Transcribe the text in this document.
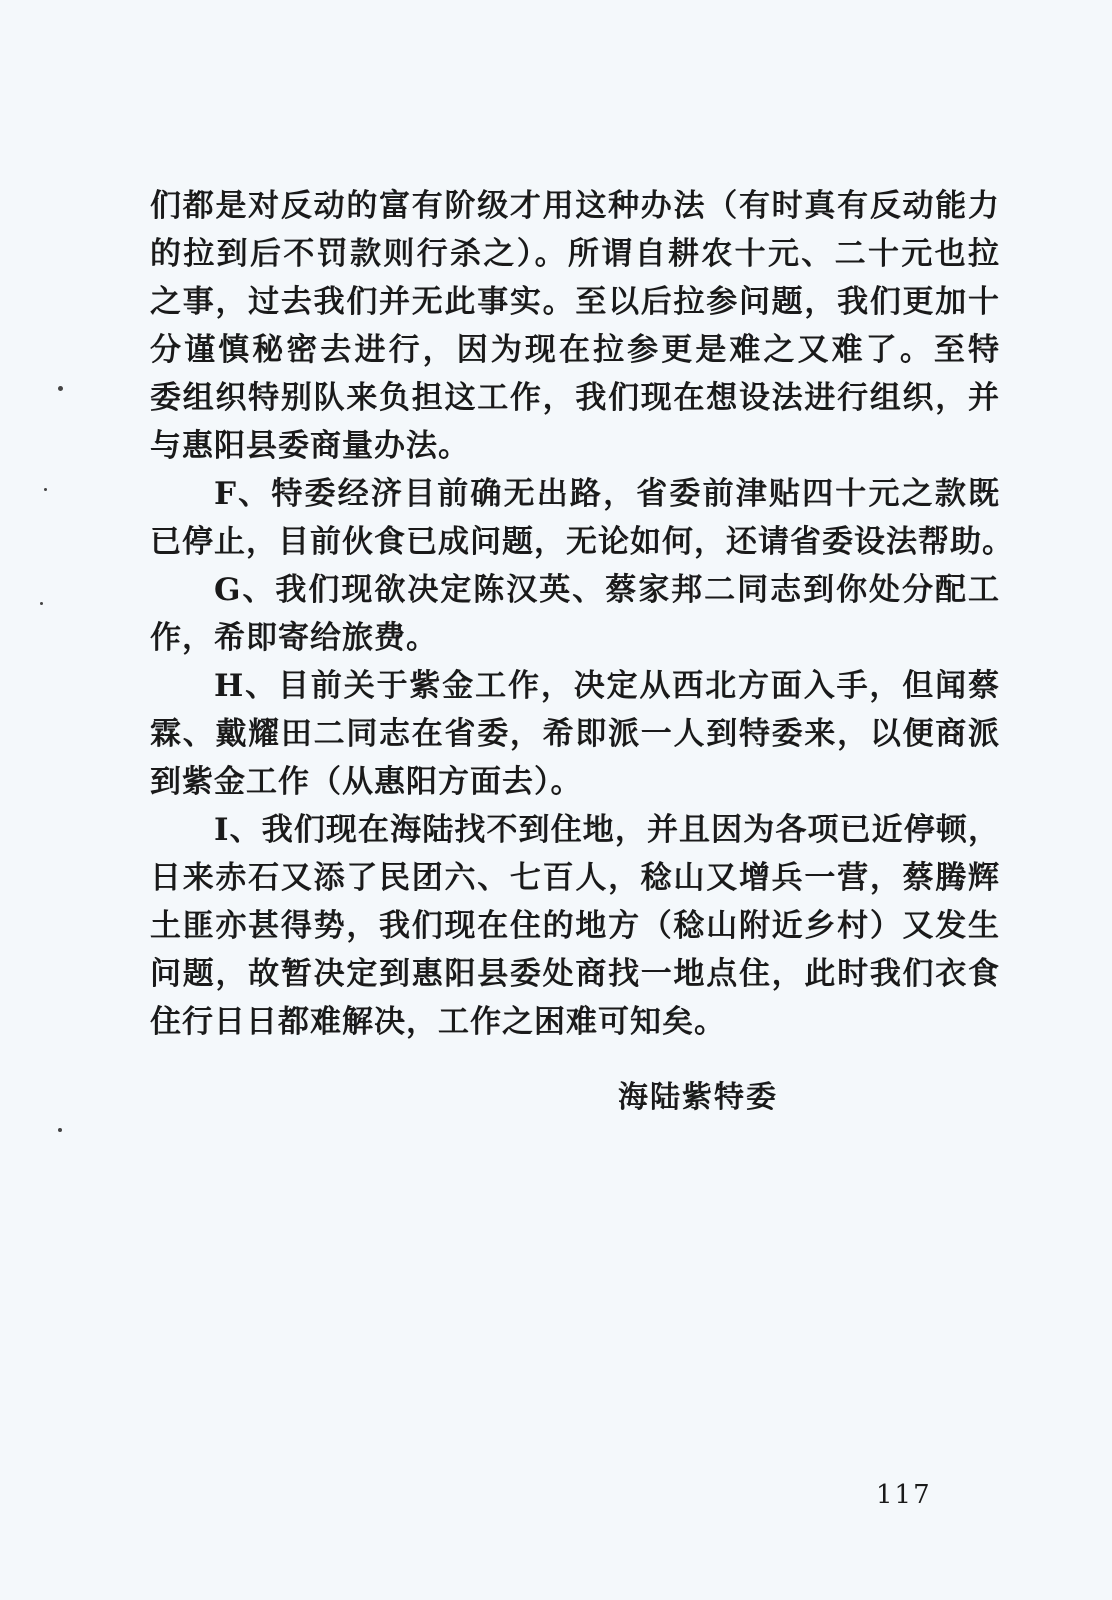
们都是对反动的富有阶级才用这种办法（有时真有反动能力
的拉到后不罚款则行杀之）。所谓自耕农十元、二十元也拉
之事，过去我们并无此事实。至以后拉参问题，我们更加十
分谨慎秘密去进行，因为现在拉参更是难之又难了。至特
委组织特别队来负担这工作，我们现在想设法进行组织，并
与惠阳县委商量办法。
F、特委经济目前确无出路，省委前津贴四十元之款既
已停止，目前伙食已成问题，无论如何，还请省委设法帮助。
G、我们现欲决定陈汉英、蔡家邦二同志到你处分配工
作，希即寄给旅费。
H、目前关于紫金工作，决定从西北方面入手，但闻蔡
霖、戴耀田二同志在省委，希即派一人到特委来，以便商派
到紫金工作（从惠阳方面去）。
I、我们现在海陆找不到住地，并且因为各项已近停顿，
日来赤石又添了民团六、七百人，稔山又增兵一营，蔡腾辉
土匪亦甚得势，我们现在住的地方（稔山附近乡村）又发生
问题，故暂决定到惠阳县委处商找一地点住，此时我们衣食
住行日日都难解决，工作之困难可知矣。
海陆紫特委
117
